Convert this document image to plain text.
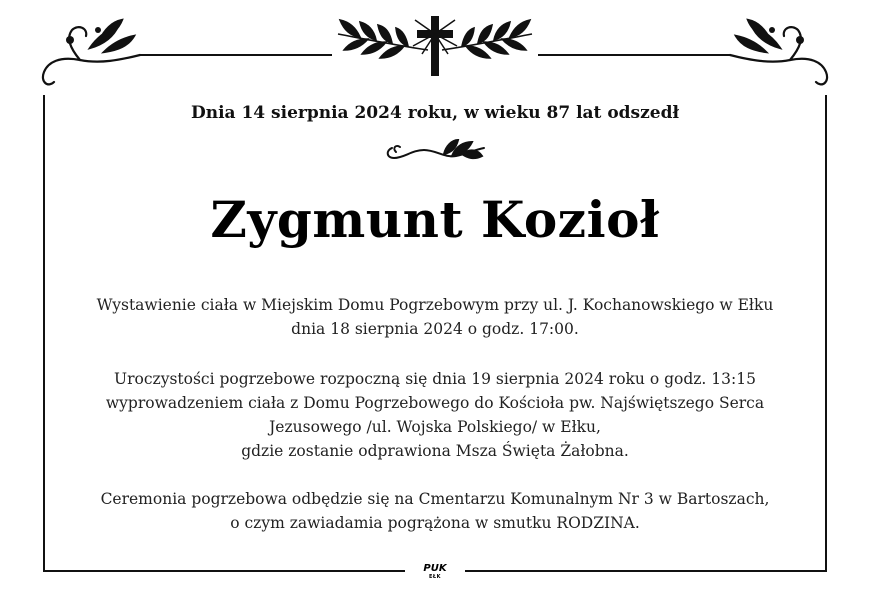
Dnia 14 sierpnia 2024 roku, w wieku 87 lat odszedł
Zygmunt Kozioł
Wystawienie ciała w Miejskim Domu Pogrzebowym przy ul. J. Kochanowskiego w Ełku
dnia 18 sierpnia 2024 o godz. 17:00.
Uroczystości pogrzebowe rozpoczną się dnia 19 sierpnia 2024 roku o godz. 13:15
wyprowadzeniem ciała z Domu Pogrzebowego do Kościoła pw. Najświętszego Serca
Jezusowego /ul. Wojska Polskiego/ w Ełku,
gdzie zostanie odprawiona Msza Święta Żałobna.
Ceremonia pogrzebowa odbędzie się na Cmentarzu Komunalnym Nr 3 w Bartoszach,
o czym zawiadamia pogrążona w smutku RODZINA.
PUK
EŁK
